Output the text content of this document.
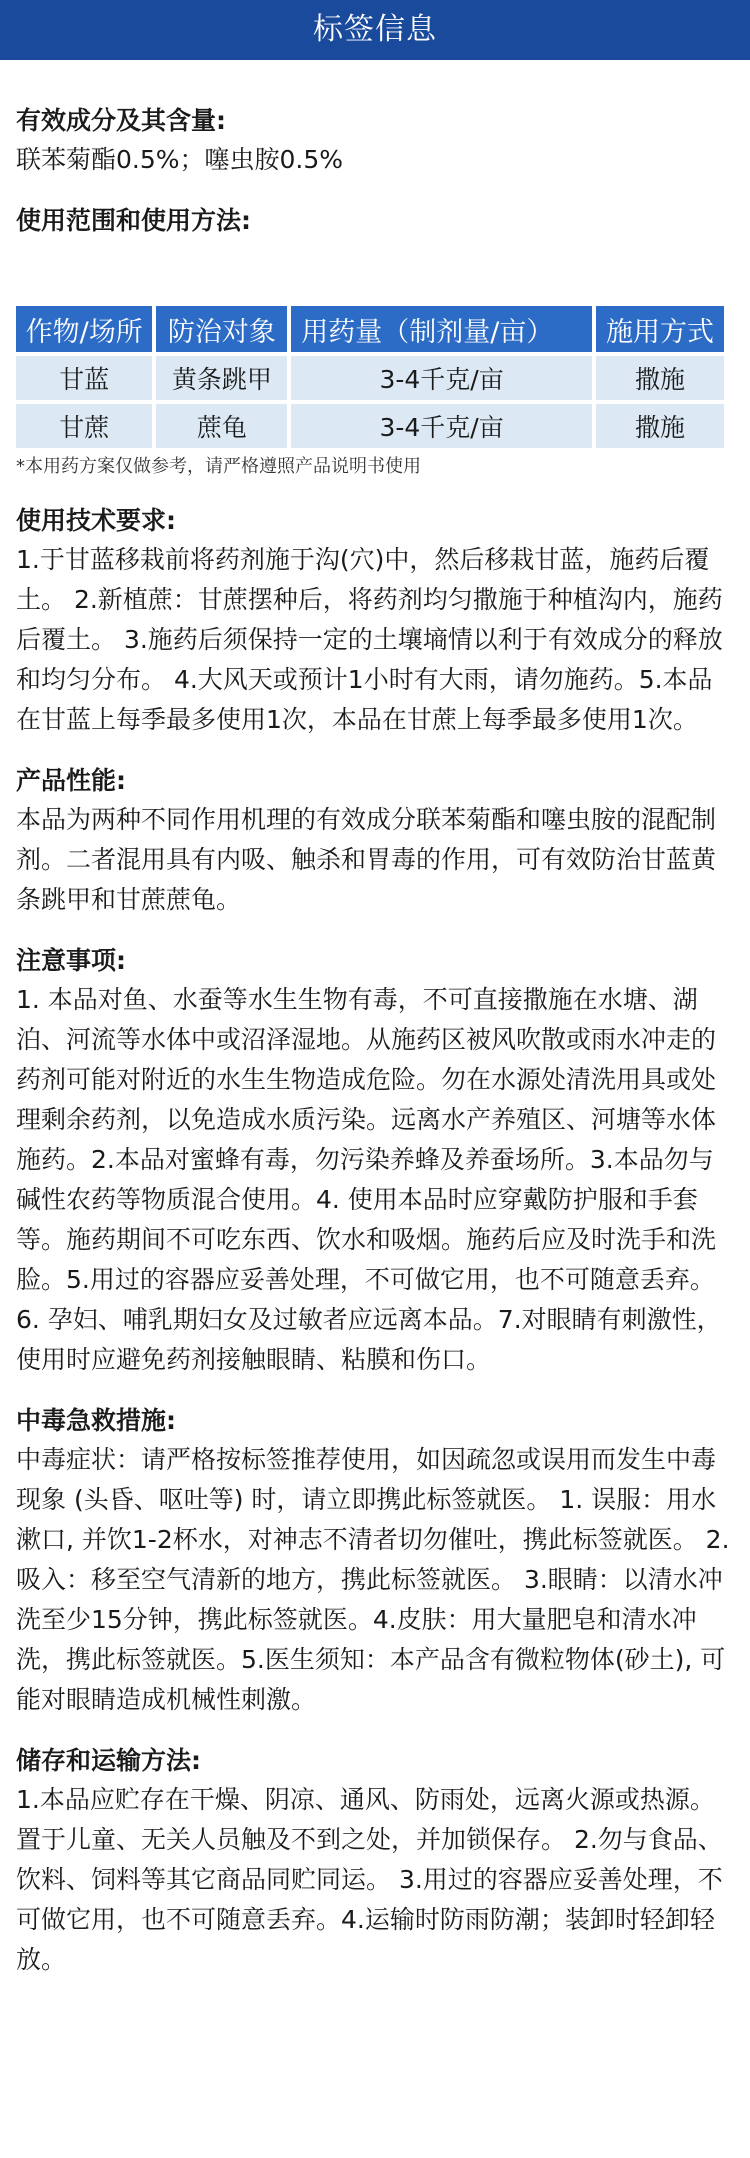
标签信息
有效成分及其含量:
联苯菊酯0.5%；噻虫胺0.5%
使用范围和使用方法:
作物/场所	防治对象	用药量（制剂量/亩）	施用方式
甘蓝	黄条跳甲	3-4千克/亩	撒施
甘蔗	蔗龟	3-4千克/亩	撒施
*本用药方案仅做参考，请严格遵照产品说明书使用
使用技术要求:
1.于甘蓝移栽前将药剂施于沟(穴)中，然后移栽甘蓝，施药后覆土。 2.新植蔗：甘蔗摆种后，将药剂均匀撒施于种植沟内，施药后覆土。 3.施药后须保持一定的土壤墒情以利于有效成分的释放和均匀分布。 4.大风天或预计1小时有大雨，请勿施药。5.本品在甘蓝上每季最多使用1次，本品在甘蔗上每季最多使用1次。
产品性能:
本品为两种不同作用机理的有效成分联苯菊酯和噻虫胺的混配制剂。二者混用具有内吸、触杀和胃毒的作用，可有效防治甘蓝黄条跳甲和甘蔗蔗龟。
注意事项:
1. 本品对鱼、水蚕等水生生物有毒，不可直接撒施在水塘、湖泊、河流等水体中或沼泽湿地。从施药区被风吹散或雨水冲走的药剂可能对附近的水生生物造成危险。勿在水源处清洗用具或处理剩余药剂，以免造成水质污染。远离水产养殖区、河塘等水体施药。2.本品对蜜蜂有毒，勿污染养蜂及养蚕场所。3.本品勿与碱性农药等物质混合使用。4. 使用本品时应穿戴防护服和手套等。施药期间不可吃东西、饮水和吸烟。施药后应及时洗手和洗脸。5.用过的容器应妥善处理，不可做它用，也不可随意丢弃。6. 孕妇、哺乳期妇女及过敏者应远离本品。7.对眼睛有刺激性，使用时应避免药剂接触眼睛、粘膜和伤口。
中毒急救措施:
中毒症状：请严格按标签推荐使用，如因疏忽或误用而发生中毒现象 (头昏、呕吐等) 时，请立即携此标签就医。 1. 误服：用水漱口, 并饮1-2杯水，对神志不清者切勿催吐，携此标签就医。 2.吸入：移至空气清新的地方，携此标签就医。 3.眼睛：以清水冲洗至少15分钟，携此标签就医。4.皮肤：用大量肥皂和清水冲洗，携此标签就医。5.医生须知：本产品含有微粒物体(砂土), 可能对眼睛造成机械性刺激。
储存和运输方法:
1.本品应贮存在干燥、阴凉、通风、防雨处，远离火源或热源。置于儿童、无关人员触及不到之处，并加锁保存。 2.勿与食品、饮料、饲料等其它商品同贮同运。 3.用过的容器应妥善处理，不可做它用，也不可随意丢弃。4.运输时防雨防潮；装卸时轻卸轻放。
